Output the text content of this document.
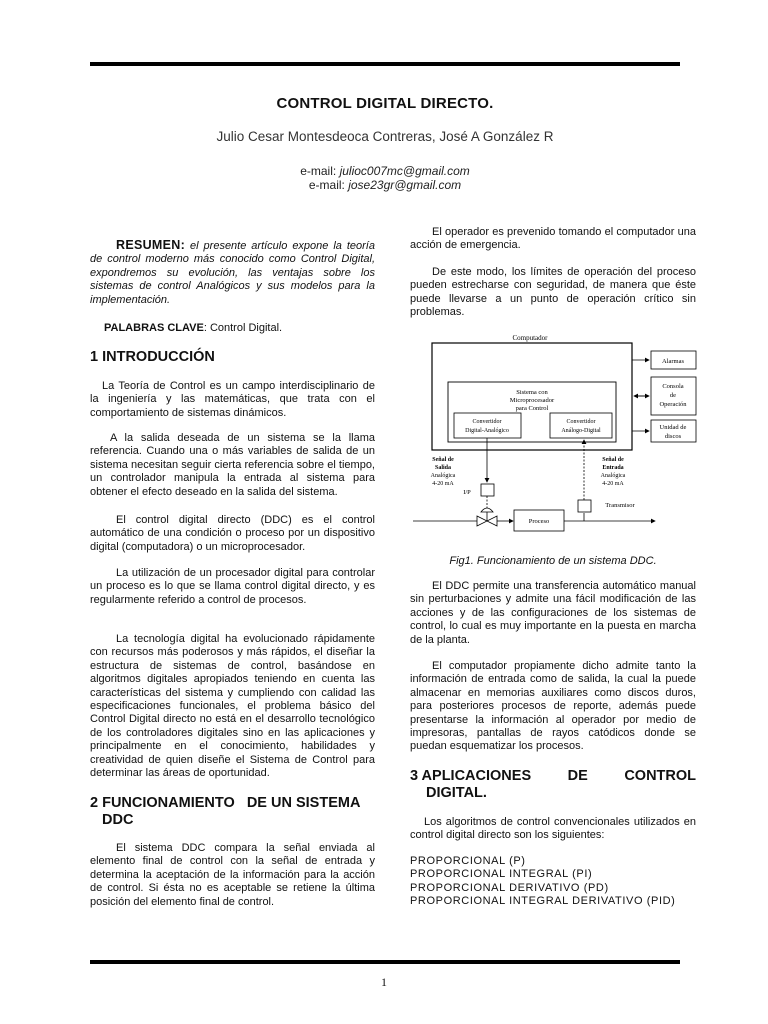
CONTROL DIGITAL DIRECTO.
Julio Cesar Montesdeoca Contreras, José A González R
e-mail: julioc007mc@gmail.com
e-mail: jose23gr@gmail.com

RESUMEN: el presente artículo expone la teoría de control moderno más conocido como Control Digital, expondremos su evolución, las ventajas sobre los sistemas de control Analógicos y sus modelos para la implementación.

PALABRAS CLAVE: Control Digital.

1 INTRODUCCIÓN

La Teoría de Control es un campo interdisciplinario de la ingeniería y las matemáticas, que trata con el comportamiento de sistemas dinámicos.

A la salida deseada de un sistema se la llama referencia. Cuando una o más variables de salida de un sistema necesitan seguir cierta referencia sobre el tiempo, un controlador manipula la entrada al sistema para obtener el efecto deseado en la salida del sistema.

El control digital directo (DDC) es el control automático de una condición o proceso por un dispositivo digital (computadora) o un microprocesador.

La utilización de un procesador digital para controlar un proceso es lo que se llama control digital directo, y es regularmente referido a control de procesos.

La tecnología digital ha evolucionado rápidamente con recursos más poderosos y más rápidos, el diseñar la estructura de sistemas de control, basándose en algoritmos digitales apropiados teniendo en cuenta las características del sistema y cumpliendo con calidad las especificaciones funcionales, el problema básico del Control Digital directo no está en el desarrollo tecnológico de los controladores digitales sino en las aplicaciones y principalmente en el conocimiento, habilidades y creatividad de quien diseñe el Sistema de Control para determinar las áreas de oportunidad.

2 FUNCIONAMIENTO   DE UN SISTEMA
DDC

El sistema DDC compara la señal enviada al elemento final de control con la señal de entrada y determina la aceptación de la información para la acción de control. Si ésta no es aceptable se retiene la última posición del elemento final de control.

El operador es prevenido tomando el computador una acción de emergencia.

De este modo, los límites de operación del proceso pueden estrecharse con seguridad, de manera que éste puede llevarse a un punto de operación crítico sin problemas.

Computador
Sistema con
Microprocesador
para Control
Convertidor
Digital-Analógico
Convertidor
Análogo-Digital
Alarmas
Consola
de
Operación
Unidad de
discos
Señal de
Salida
Analógica
4-20 mA
I/P
Proceso
Transmisor
Señal de
Entrada
Analógica
4-20 mA
Fig1. Funcionamiento de un sistema DDC.

El DDC permite una transferencia automático manual sin perturbaciones y admite una fácil modificación de las acciones y de las configuraciones de los sistemas de control, lo cual es muy importante en la puesta en marcha de la planta.

El computador propiamente dicho admite tanto la información de entrada como de salida, la cual la puede almacenar en memorias auxiliares como discos duros, para posteriores procesos de reporte, además puede presentarse la información al operador por medio de impresoras, pantallas de rayos catódicos donde se puedan esquematizar los procesos.

3 APLICACIONES	DE	CONTROL
DIGITAL.

Los algoritmos de control convencionales utilizados en control digital directo son los siguientes:

PROPORCIONAL (P)
PROPORCIONAL INTEGRAL (PI)
PROPORCIONAL DERIVATIVO (PD)
PROPORCIONAL INTEGRAL DERIVATIVO (PID)
1
